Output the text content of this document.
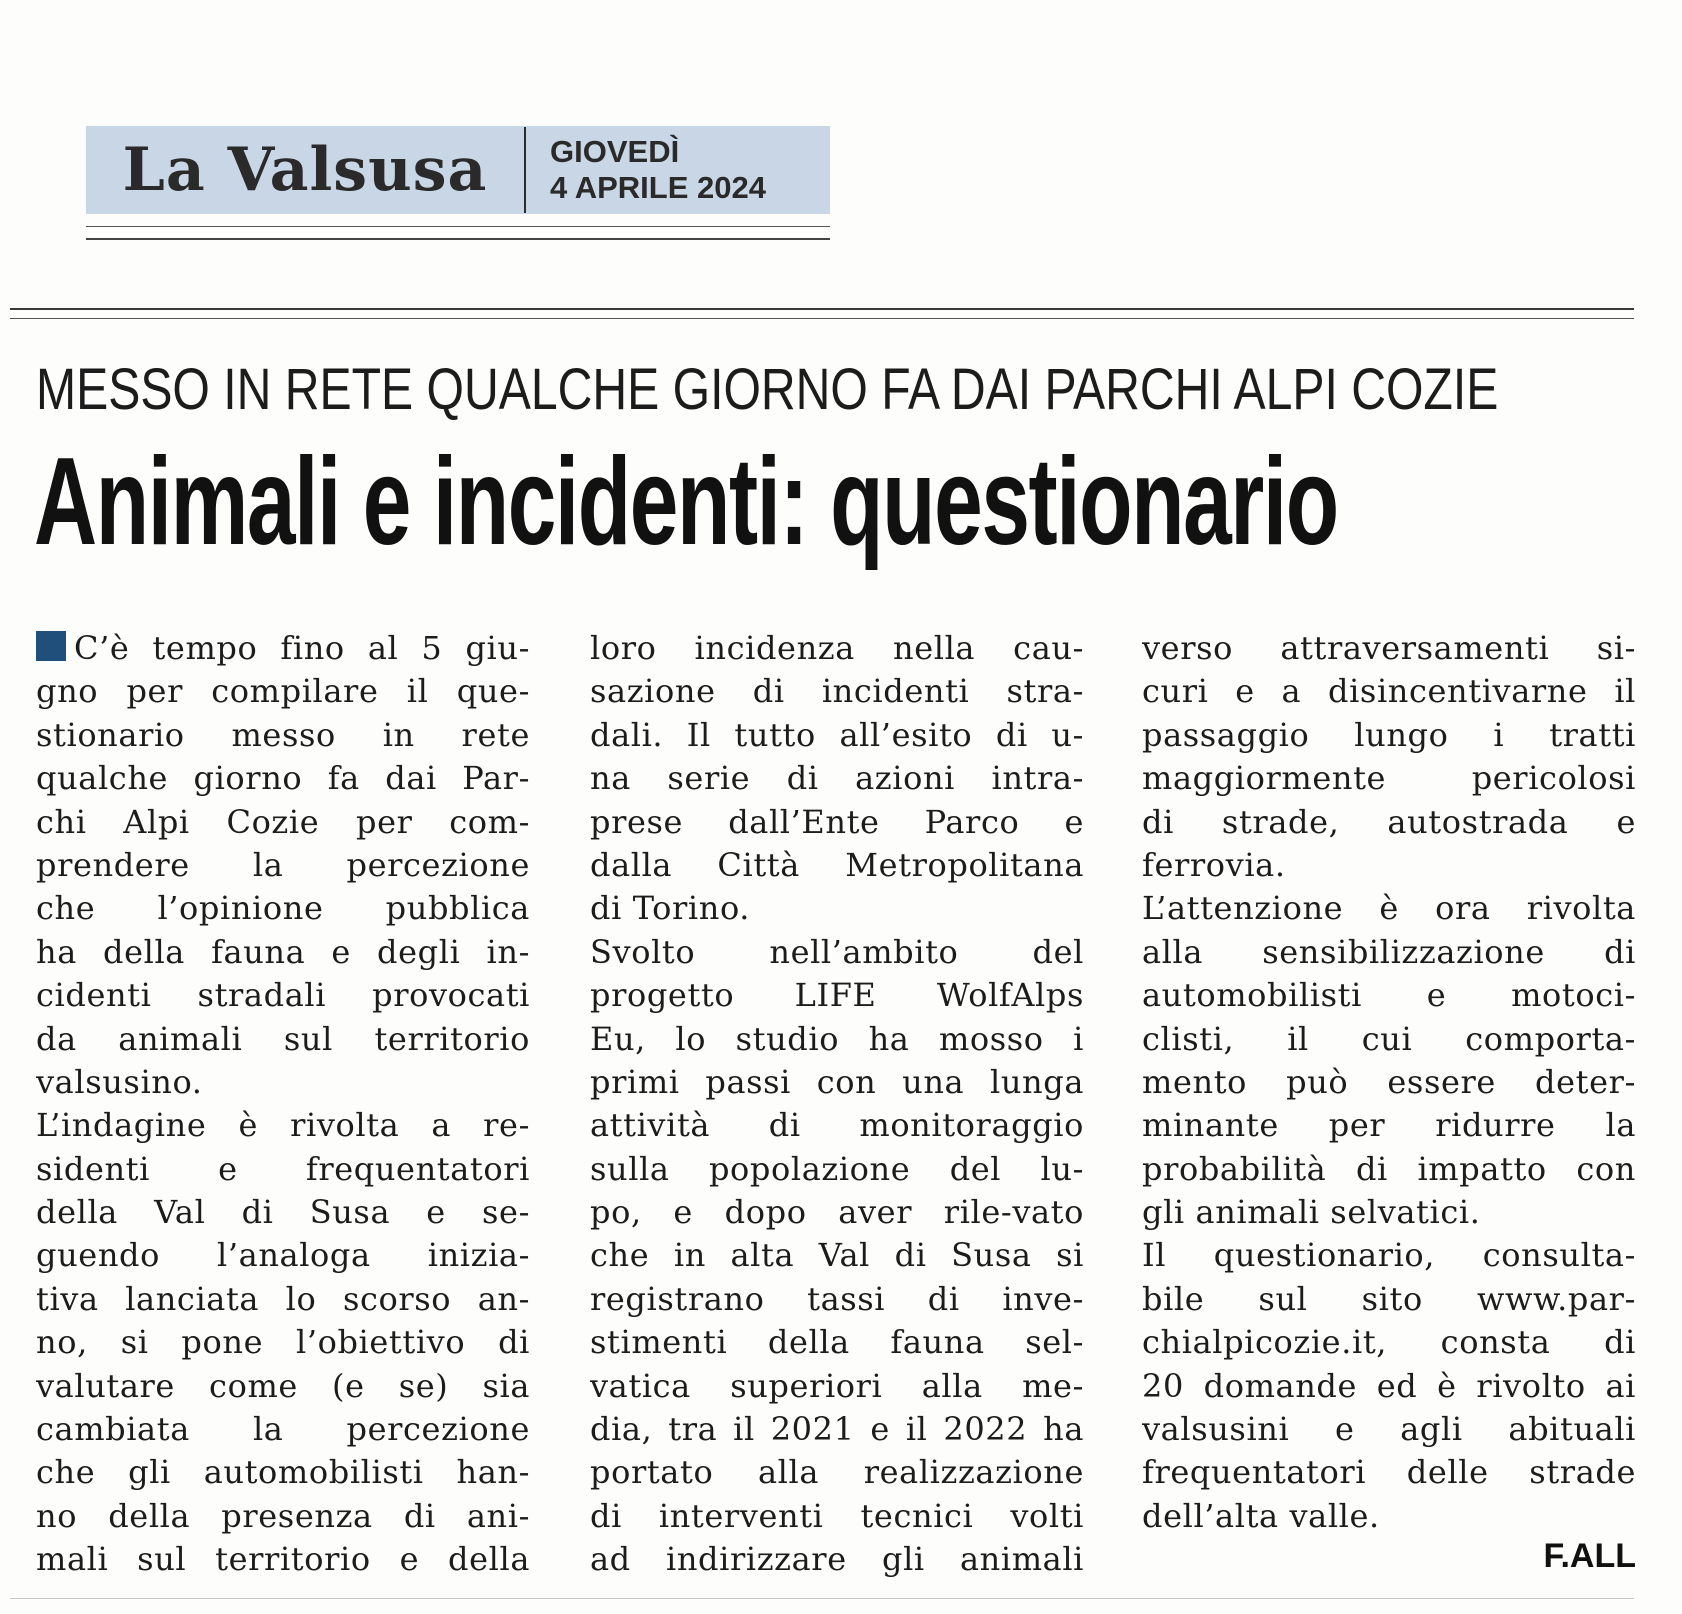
La Valsusa	GIOVEDÌ
4 APRILE 2024
MESSO IN RETE QUALCHE GIORNO FA DAI PARCHI ALPI COZIE
Animali e incidenti: questionario
C’è tempo fino al 5 giu-
gno per compilare il que-
stionario messo in rete
qualche giorno fa dai Par-
chi Alpi Cozie per com-
prendere la percezione
che l’opinione pubblica
ha della fauna e degli in-
cidenti stradali provocati
da animali sul territorio
valsusino.
L’indagine è rivolta a re-
sidenti e frequentatori
della Val di Susa e se-
guendo l’analoga inizia-
tiva lanciata lo scorso an-
no, si pone l’obiettivo di
valutare come (e se) sia
cambiata la percezione
che gli automobilisti han-
no della presenza di ani-
mali sul territorio e della
loro incidenza nella cau-
sazione di incidenti stra-
dali. Il tutto all’esito di u-
na serie di azioni intra-
prese dall’Ente Parco e
dalla Città Metropolitana
di Torino.
Svolto nell’ambito del
progetto LIFE WolfAlps
Eu, lo studio ha mosso i
primi passi con una lunga
attività di monitoraggio
sulla popolazione del lu-
po, e dopo aver rile-vato
che in alta Val di Susa si
registrano tassi di inve-
stimenti della fauna sel-
vatica superiori alla me-
dia, tra il 2021 e il 2022 ha
portato alla realizzazione
di interventi tecnici volti
ad indirizzare gli animali
verso attraversamenti si-
curi e a disincentivarne il
passaggio lungo i tratti
maggiormente pericolosi
di strade, autostrada e
ferrovia.
L’attenzione è ora rivolta
alla sensibilizzazione di
automobilisti e motoci-
clisti, il cui comporta-
mento può essere deter-
minante per ridurre la
probabilità di impatto con
gli animali selvatici.
Il questionario, consulta-
bile sul sito www.par-
chialpicozie.it, consta di
20 domande ed è rivolto ai
valsusini e agli abituali
frequentatori delle strade
dell’alta valle.
F.ALL
